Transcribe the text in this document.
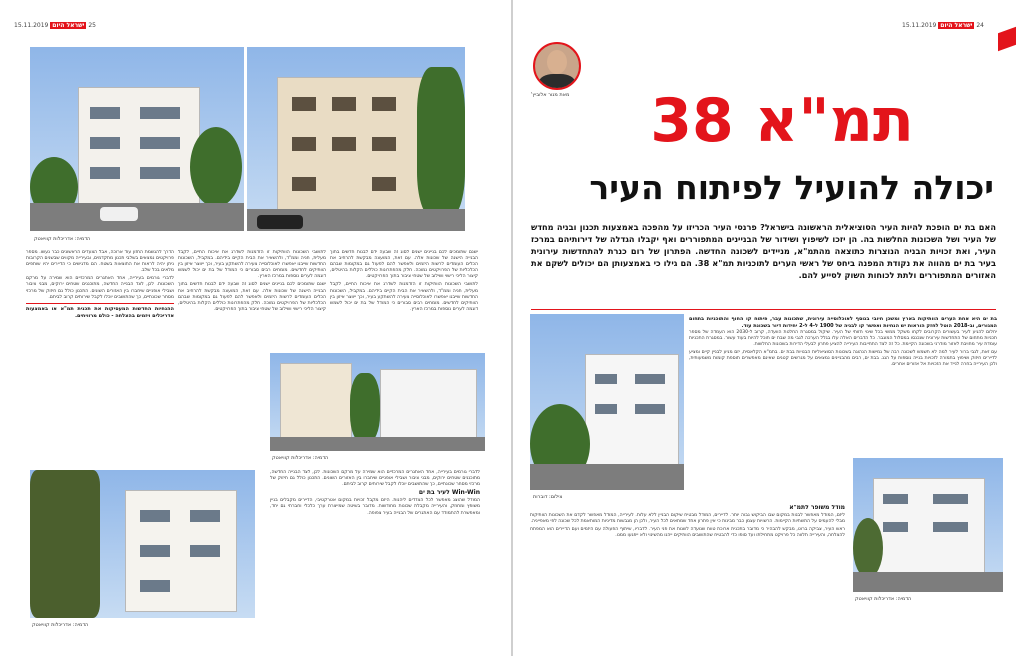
25 ישראל היום 15.11.2019
הדמיה: אדריכלות קוויאטק

הדרך להגשמת החזון עוד ארוכה, אבל הצעדים הראשונים כבר נעשו. מספר פרויקטים נמצאים בשלבי תכנון מתקדמים, ובעירייה מקווים שבשנים הקרובות ניתן יהיה לראות את התוצאות בשטח. הם מדגישים כי הדיירים יהיו שותפים מלאים בכל שלב.

לדברי גורמים בעירייה, אחד האתגרים המרכזיים הוא שמירה על מרקם השכונות. לכן, לצד הבנייה החדשה, מתוכננים שטחים ירוקים, מבני ציבור ושבילי אופניים שיחברו בין האזורים השונים. התכנון כולל גם חיזוק של מרכזי מסחר שכונתיים, כך שהתושבים יוכלו לקבל שירותים קרוב לביתם.

ההנחיות החדשות המעסיקות את תכנית תמ"א או באמצעות אדריכלים ויזמים בהצלחה - כולם מרוויחים.

לתושבי השכונות הוותיקות זו הזדמנות לשדרג את איכות החיים, לקבל מעלית, חניה וממ"ד, ולהשאיר את הבית הקיים בידיהם. במקביל, השכונות החדשות שייבנו יאפשרו לאוכלוסייה צעירה להשתקע בעיר, וכך ייווצר איזון בין הוותיקים לחדשים. מומחים רבים סבורים כי המודל של בת ים יכול לשמש דוגמה לערים נוספות במרכז הארץ.

ישנם שתומכים לכם בניינים ישנים לסוג זה שבעה ידם לבנות חדשים בתוך הבנייה הישנה של שכונות אלה. עם זאת, המועצה מבקשת להרחיב את הכלים העומדים לרשות היזמים ולאפשר להם לפעול גם במקומות שבהם הכלכליות של הפרויקטים נמוכה. חלק מהפתרונות כוללים הקלות בהיטלים, קיצור הליכי רישוי ושילוב של שטחי ציבור בתוך הפרויקטים.

ישנם שתומכים לכם בניינים ישנים לסוג זה שבעה ידם לבנות חדשים בתוך הבנייה הישנה של שכונות אלה. עם זאת, המועצה מבקשת להרחיב את הכלים העומדים לרשות היזמים ולאפשר להם לפעול גם במקומות שבהם הכלכליות של הפרויקטים נמוכה. חלק מהפתרונות כוללים הקלות בהיטלים, קיצור הליכי רישוי ושילוב של שטחי ציבור בתוך הפרויקטים.

לתושבי השכונות הוותיקות זו הזדמנות לשדרג את איכות החיים, לקבל מעלית, חניה וממ"ד, ולהשאיר את הבית הקיים בידיהם. במקביל, השכונות החדשות שייבנו יאפשרו לאוכלוסייה צעירה להשתקע בעיר, וכך ייווצר איזון בין הוותיקים לחדשים. מומחים רבים סבורים כי המודל של בת ים יכול לשמש דוגמה לערים נוספות במרכז הארץ.

הדמיה: אדריכלות קוויאטק

לדברי גורמים בעירייה, אחד האתגרים המרכזיים הוא שמירה על מרקם השכונות. לכן, לצד הבנייה החדשה, מתוכננים שטחים ירוקים, מבני ציבור ושבילי אופניים שיחברו בין האזורים השונים. התכנון כולל גם חיזוק של מרכזי מסחר שכונתיים, כך שהתושבים יוכלו לקבל שירותים קרוב לביתם.

Win-Win לעיר בת ים

המודל שהוצג מאפשר לכל הצדדים ליהנות. היזם מקבל זכויות במקום אטרקטיבי, הדיירים מקבלים בניין משופץ ומחוזק, והעירייה מקבלת שכונות מחודשות. מדובר בשיטה שמייצרת ערך כלכלי וחברתי גם יחד, ומאפשרת להתמודד עם האתגרים של הבנייה בעיר צפופה.

הדמיה: אדריכלות קוויאטק
24 ישראל היום 15.11.2019
מאת מנור אלוביץ' תמ"א 38
יכולה להועיל לפיתוח העיר
האם בת ים הופכת להיות העיר הסוציאלית הראשונה בישראל? פרנסי העיר הכריזו על מהפכה באמצעות תכנון ובניה מחדש של העיר ושל השכונות החלשות בה. הן יזכו לשיפוץ ושידור של הבניינים המתפוררים ואף יקבלו הגדלה של דירותיהם במרכז העיר, ואת זכויות הבניה הנוצרות כתוצאה מהתמ"א, מניידים לשכונה החדשה. הפתרון של רום כנרת להתחדשות עירונית בעיר בת ים מהווה את נקודת המפנה ביחס של ראשי הערים לתוכניות תמ"א 38. הם גילו כי באמצעותן הם יכולים לשקם את האזורים המתפוררים ולתת לכוחות השוק לסייע להם.
בת ים היא אחת הערים הוותיקות בארץ ומשכן חיובי בנוסף לאוכלוסייה עירונית, שתכונות עבר, פיתוח קו החוף והתוכניות בתחום המגורים, וב-2018 הוטל לחזק הוראות יש הנחיות ואפשר קו לבניה של 1900 ל-4 ל-2 יחידות דיור בשכונת עוד.

יחלום להגיע לעיר בעשורים הקרובים לקחו משקל ממשי בכל שינוי חזותי של העיר. שיקול במסגרת החלטת הוועדה, קרוב ל-2030 הוא העמדה של מספר תכניות מתחום של התחדשות עירונית שנכנסו במסלול המוגבר. כל הדברים האלה עלו בגלל הערכה לגבי מה שבת ים תוכל להיות בעוד עשור. במסגרת התכניות עומדת עיר מחויבת לאזור מודרני בשכונה הקיימת. כל זה לצד התחייבות העירייה להציע פתרון לבעלי הדירות בשכונות החלשות.

עם זאת, לגבי ברור לעיר למה לא תשמש לשכונה רבה של גמישות הנהוגה בשכונות הסוציאליות הבנויות בבת ים. בתמ"א הקלאסית, יזם מגיע לבניין קיים ומציע לדיירים חיזוק ושיפוץ בתמורה לזכויות בנייה נוספות על הגג. בבת ים, רבים מהבניינים נמצאים על מגרשים קטנים שאינם מאפשרים תוספת קומות משמעותית, ולכן העירייה בחרה לנייד את הזכויות אל אזורים אחרים.

צילום: דוברות

מודל משופר לתמ"א

ליזם, המודל מאפשר לבנות במקום שבו הביקוש גבוה יותר. לדיירים, המודל מבטיח שיקום הבניין ללא עלות. לעירייה, המודל מאפשר לקדם את השכונות הוותיקות מבלי להעמיס על התשתיות הקיימות. הרשויות עצמן כבר מבינות כי אין פתרון אחד שמתאים לכל העיר, ולכן הן מגבשות מדיניות המותאמת לכל שכונה לפי מאפייניה.

ראש העיר, צביקה ברוט, מבקש להבהיר כי מדובר בתכנית ארוכת טווח שנועדה לשנות את פני העיר. לדבריו, שיתוף הפעולה עם היזמים ועם הדיירים הוא המפתח להצלחה, והעירייה תלווה כל פרויקט מתחילתו ועד סופו כדי להבטיח שהתושבים הוותיקים ייהנו מהשינוי ולא ייפגעו ממנו.

הדמיה: אדריכלות קוויאטק
